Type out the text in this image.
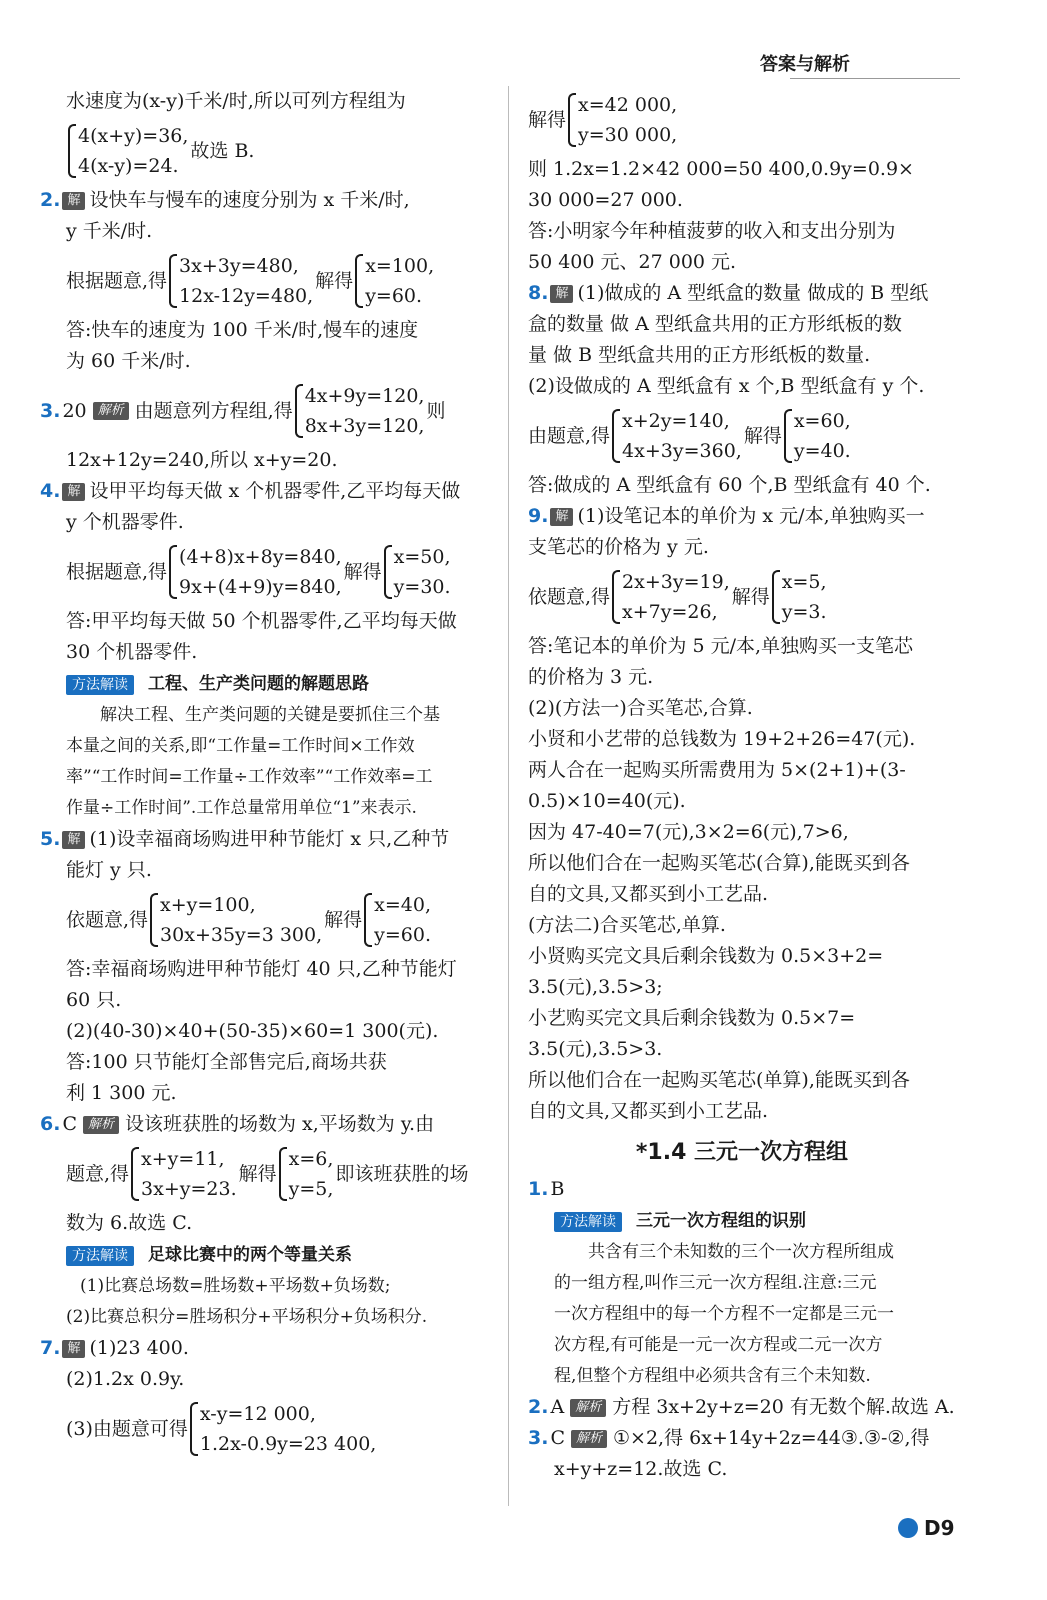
答案与解析
水速度为(x-y)千米/时,所以可列方程组为
4(x+y)=36,
4(x-y)=24.
故选 B.
2. 解 设快车与慢车的速度分别为 x 千米/时,
y 千米/时.
根据题意,得
3x+3y=480,
12x-12y=480,
解得
x=100,
y=60.
答:快车的速度为 100 千米/时,慢车的速度
为 60 千米/时.
3. 20 解析 由题意列方程组,得
4x+9y=120,
8x+3y=120,
则
12x+12y=240,所以 x+y=20.
4. 解 设甲平均每天做 x 个机器零件,乙平均每天做
y 个机器零件.
根据题意,得
(4+8)x+8y=840,
9x+(4+9)y=840,
解得
x=50,
y=30.
答:甲平均每天做 50 个机器零件,乙平均每天做
30 个机器零件.
方法解读 工程、生产类问题的解题思路
解决工程、生产类问题的关键是要抓住三个基
本量之间的关系,即“工作量=工作时间×工作效
率”“工作时间=工作量÷工作效率”“工作效率=工
作量÷工作时间”.工作总量常用单位“1”来表示.
5. 解 (1)设幸福商场购进甲种节能灯 x 只,乙种节
能灯 y 只.
依题意,得
x+y=100,
30x+35y=3 300,
解得
x=40,
y=60.
答:幸福商场购进甲种节能灯 40 只,乙种节能灯
60 只.
(2)(40-30)×40+(50-35)×60=1 300(元).
答:100 只节能灯全部售完后,商场共获
利 1 300 元.
6. C 解析 设该班获胜的场数为 x,平场数为 y.由
题意,得
x+y=11,
3x+y=23.
解得
x=6,
y=5,
即该班获胜的场
数为 6.故选 C.
方法解读 足球比赛中的两个等量关系
(1)比赛总场数=胜场数+平场数+负场数;
(2)比赛总积分=胜场积分+平场积分+负场积分.
7. 解 (1)23 400.
(2)1.2x 0.9y.
(3)由题意可得
x-y=12 000,
1.2x-0.9y=23 400,
解得
x=42 000,
y=30 000,
则 1.2x=1.2×42 000=50 400,0.9y=0.9×
30 000=27 000.
答:小明家今年种植菠萝的收入和支出分别为
50 400 元、27 000 元.
8. 解 (1)做成的 A 型纸盒的数量 做成的 B 型纸
盒的数量 做 A 型纸盒共用的正方形纸板的数
量 做 B 型纸盒共用的正方形纸板的数量.
(2)设做成的 A 型纸盒有 x 个,B 型纸盒有 y 个.
由题意,得
x+2y=140,
4x+3y=360,
解得
x=60,
y=40.
答:做成的 A 型纸盒有 60 个,B 型纸盒有 40 个.
9. 解 (1)设笔记本的单价为 x 元/本,单独购买一
支笔芯的价格为 y 元.
依题意,得
2x+3y=19,
x+7y=26,
解得
x=5,
y=3.
答:笔记本的单价为 5 元/本,单独购买一支笔芯
的价格为 3 元.
(2)(方法一)合买笔芯,合算.
小贤和小艺带的总钱数为 19+2+26=47(元).
两人合在一起购买所需费用为 5×(2+1)+(3-
0.5)×10=40(元).
因为 47-40=7(元),3×2=6(元),7>6,
所以他们合在一起购买笔芯(合算),能既买到各
自的文具,又都买到小工艺品.
(方法二)合买笔芯,单算.
小贤购买完文具后剩余钱数为 0.5×3+2=
3.5(元),3.5>3;
小艺购买完文具后剩余钱数为 0.5×7=
3.5(元),3.5>3.
所以他们合在一起购买笔芯(单算),能既买到各
自的文具,又都买到小工艺品.
*1.4 三元一次方程组
1. B
方法解读 三元一次方程组的识别
共含有三个未知数的三个一次方程所组成
的一组方程,叫作三元一次方程组.注意:三元
一次方程组中的每一个方程不一定都是三元一
次方程,有可能是一元一次方程或二元一次方
程,但整个方程组中必须共含有三个未知数.
2. A 解析 方程 3x+2y+z=20 有无数个解.故选 A.
3. C 解析 ①×2,得 6x+14y+2z=44③.③-②,得
x+y+z=12.故选 C.
D9
